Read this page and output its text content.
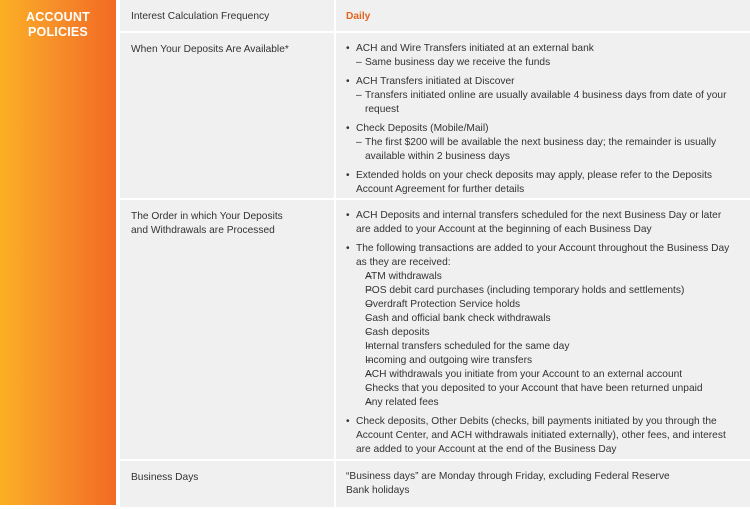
ACCOUNT
POLICIES
Interest Calculation Frequency	Daily
When Your Deposits Are Available*
•	ACH and Wire Transfers initiated at an external bank
– Same business day we receive the funds
• ACH Transfers initiated at Discover
– Transfers initiated online are usually available 4 business days from date of your request
• Check Deposits (Mobile/Mail)
– The first $200 will be available the next business day; the remainder is usually available within 2 business days
• Extended holds on your check deposits may apply, please refer to the Deposits Account Agreement for further details
The Order in which Your Deposits
and Withdrawals are Processed
• ACH Deposits and internal transfers scheduled for the next Business Day or later are added to your Account at the beginning of each Business Day
• The following transactions are added to your Account throughout the Business Day as they are received:
– ATM withdrawals
– POS debit card purchases (including temporary holds and settlements)
– Overdraft Protection Service holds
– Cash and official bank check withdrawals
– Cash deposits
– Internal transfers scheduled for the same day
– Incoming and outgoing wire transfers
– ACH withdrawals you initiate from your Account to an external account
– Checks that you deposited to your Account that have been returned unpaid
– Any related fees
• Check deposits, Other Debits (checks, bill payments initiated by you through the Account Center, and ACH withdrawals initiated externally), other fees, and interest are added to your Account at the end of the Business Day
Business Days	“Business days” are Monday through Friday, excluding Federal Reserve
Bank holidays
